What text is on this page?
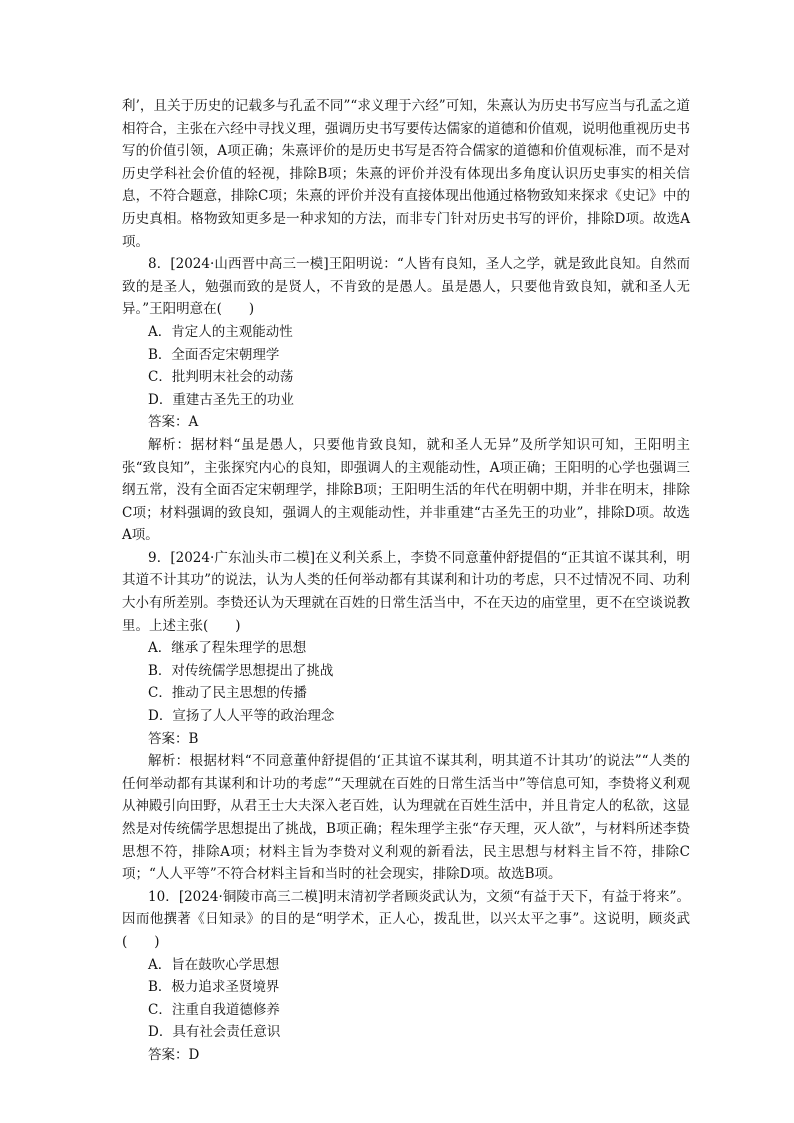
利’，且关于历史的记载多与孔孟不同”“求义理于六经”可知，朱熹认为历史书写应当与孔孟之道相符合，主张在六经中寻找义理，强调历史书写要传达儒家的道德和价值观，说明他重视历史书写的价值引领，A项正确；朱熹评价的是历史书写是否符合儒家的道德和价值观标准，而不是对历史学科社会价值的轻视，排除B项；朱熹的评价并没有体现出多角度认识历史事实的相关信息，不符合题意，排除C项；朱熹的评价并没有直接体现出他通过格物致知来探求《史记》中的历史真相。格物致知更多是一种求知的方法，而非专门针对历史书写的评价，排除D项。故选A项。

8．[2024·山西晋中高三一模]王阳明说：“人皆有良知，圣人之学，就是致此良知。自然而致的是圣人，勉强而致的是贤人，不肯致的是愚人。虽是愚人，只要他肯致良知，就和圣人无异。”王阳明意在(　　)

A．肯定人的主观能动性

B．全面否定宋朝理学

C．批判明末社会的动荡

D．重建古圣先王的功业

答案：A

解析：据材料“虽是愚人，只要他肯致良知，就和圣人无异”及所学知识可知，王阳明主张“致良知”，主张探究内心的良知，即强调人的主观能动性，A项正确；王阳明的心学也强调三纲五常，没有全面否定宋朝理学，排除B项；王阳明生活的年代在明朝中期，并非在明末，排除C项；材料强调的致良知，强调人的主观能动性，并非重建“古圣先王的功业”，排除D项。故选A项。

9．[2024·广东汕头市二模]在义利关系上，李贽不同意董仲舒提倡的“正其谊不谋其利，明其道不计其功”的说法，认为人类的任何举动都有其谋利和计功的考虑，只不过情况不同、功利大小有所差别。李贽还认为天理就在百姓的日常生活当中，不在天边的庙堂里，更不在空谈说教里。上述主张(　　)

A．继承了程朱理学的思想

B．对传统儒学思想提出了挑战

C．推动了民主思想的传播

D．宣扬了人人平等的政治理念

答案：B

解析：根据材料“不同意董仲舒提倡的‘正其谊不谋其利，明其道不计其功’的说法”“人类的任何举动都有其谋利和计功的考虑”“天理就在百姓的日常生活当中”等信息可知，李贽将义利观从神殿引向田野，从君王士大夫深入老百姓，认为理就在百姓生活中，并且肯定人的私欲，这显然是对传统儒学思想提出了挑战，B项正确；程朱理学主张“存天理，灭人欲”，与材料所述李贽思想不符，排除A项；材料主旨为李贽对义利观的新看法，民主思想与材料主旨不符，排除C项；“人人平等”不符合材料主旨和当时的社会现实，排除D项。故选B项。

10．[2024·铜陵市高三二模]明末清初学者顾炎武认为，文须“有益于天下，有益于将来”。因而他撰著《日知录》的目的是“明学术，正人心，拨乱世，以兴太平之事”。这说明，顾炎武(　　)

A．旨在鼓吹心学思想

B．极力追求圣贤境界

C．注重自我道德修养

D．具有社会责任意识

答案：D
